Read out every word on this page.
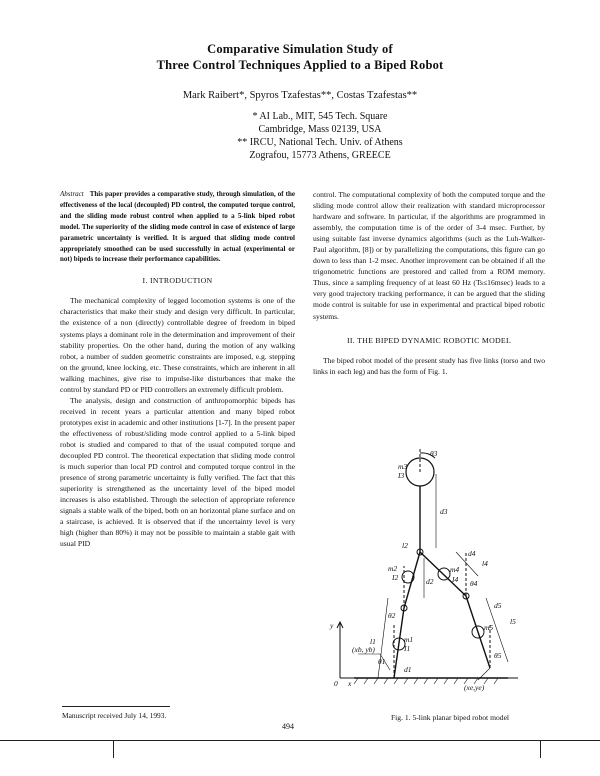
Comparative Simulation Study of
Three Control Techniques Applied to a Biped Robot
Mark Raibert*, Spyros Tzafestas**, Costas Tzafestas**
* AI Lab., MIT, 545 Tech. Square
Cambridge, Mass 02139, USA
** IRCU, National Tech. Univ. of Athens
Zografou, 15773 Athens, GREECE
Abstract This paper provides a comparative study, through simulation, of the effectiveness of the local (decoupled) PD control, the computed torque control, and the sliding mode robust control when applied to a 5-link biped robot model. The superiority of the sliding mode control in case of existence of large parametric uncertainty is verified. It is argued that sliding mode control appropriately smoothed can be used successfully in actual (experimental or not) bipeds to increase their performance capabilities.
I. INTRODUCTION

The mechanical complexity of legged locomotion systems is one of the characteristics that make their study and design very difficult. In particular, the existence of a non (directly) controllable degree of freedom in biped systems plays a dominant role in the determination and improvement of their stability properties. On the other hand, during the motion of any walking robot, a number of sudden geometric constraints are imposed, e.g. stepping on the ground, knee locking, etc. These constraints, which are inherent in all walking machines, give rise to impulse-like disturbances that make the control by standard PD or PID controllers an extremely difficult problem.

The analysis, design and construction of anthropomorphic bipeds has received in recent years a particular attention and many biped robot prototypes exist in academic and other institutions [1-7]. In the present paper the effectiveness of robust/sliding mode control applied to a 5-link biped robot is studied and compared to that of the usual computed torque and decoupled PD control. The theoretical expectation that sliding mode control is much superior than local PD control and computed torque control in the presence of strong parametric uncertainty is fully verified. The fact that this superiority is strengthened as the uncertainty level of the biped model increases is also established. Through the selection of appropriate reference signals a stable walk of the biped, both on an horizontal plane surface and on a staircase, is achieved. It is observed that if the uncertainty level is very high (higher than 80%) it may not be possible to maintain a stable gait with usual PID

control. The computational complexity of both the computed torque and the sliding mode control allow their realization with standard microprocessor hardware and software. In particular, if the algorithms are programmed in assembly, the computation time is of the order of 3-4 msec. Further, by using suitable fast inverse dynamics algorithms (such as the Luh-Walker-Paul algorithm, [8]) or by parallelizing the computations, this figure can go down to less than 1-2 msec. Another improvement can be obtained if all the trigonometric functions are prestored and called from a ROM memory. Thus, since a sampling frequency of at least 60 Hz (Ts≤16msec) leads to a very good trajectory tracking performance, it can be argued that the sliding mode control is suitable for use in experimental and practical biped robotic systems.

II. THE BIPED DYNAMIC ROBOTIC MODEL

The biped robot model of the present study has five links (torso and two links in each leg) and has the form of Fig. 1.

θ3
m3
I3
d3
l2
m2
I2	d2
m4
I4
d4
l4
θ4
m5
d5
l5
θ5
m1
I1
d1
l1
θ1
θ2
y
x
0
(xb, yb)
(xe,ye)
Fig. 1. 5-link planar biped robot model
Manuscript received July 14, 1993.
494
